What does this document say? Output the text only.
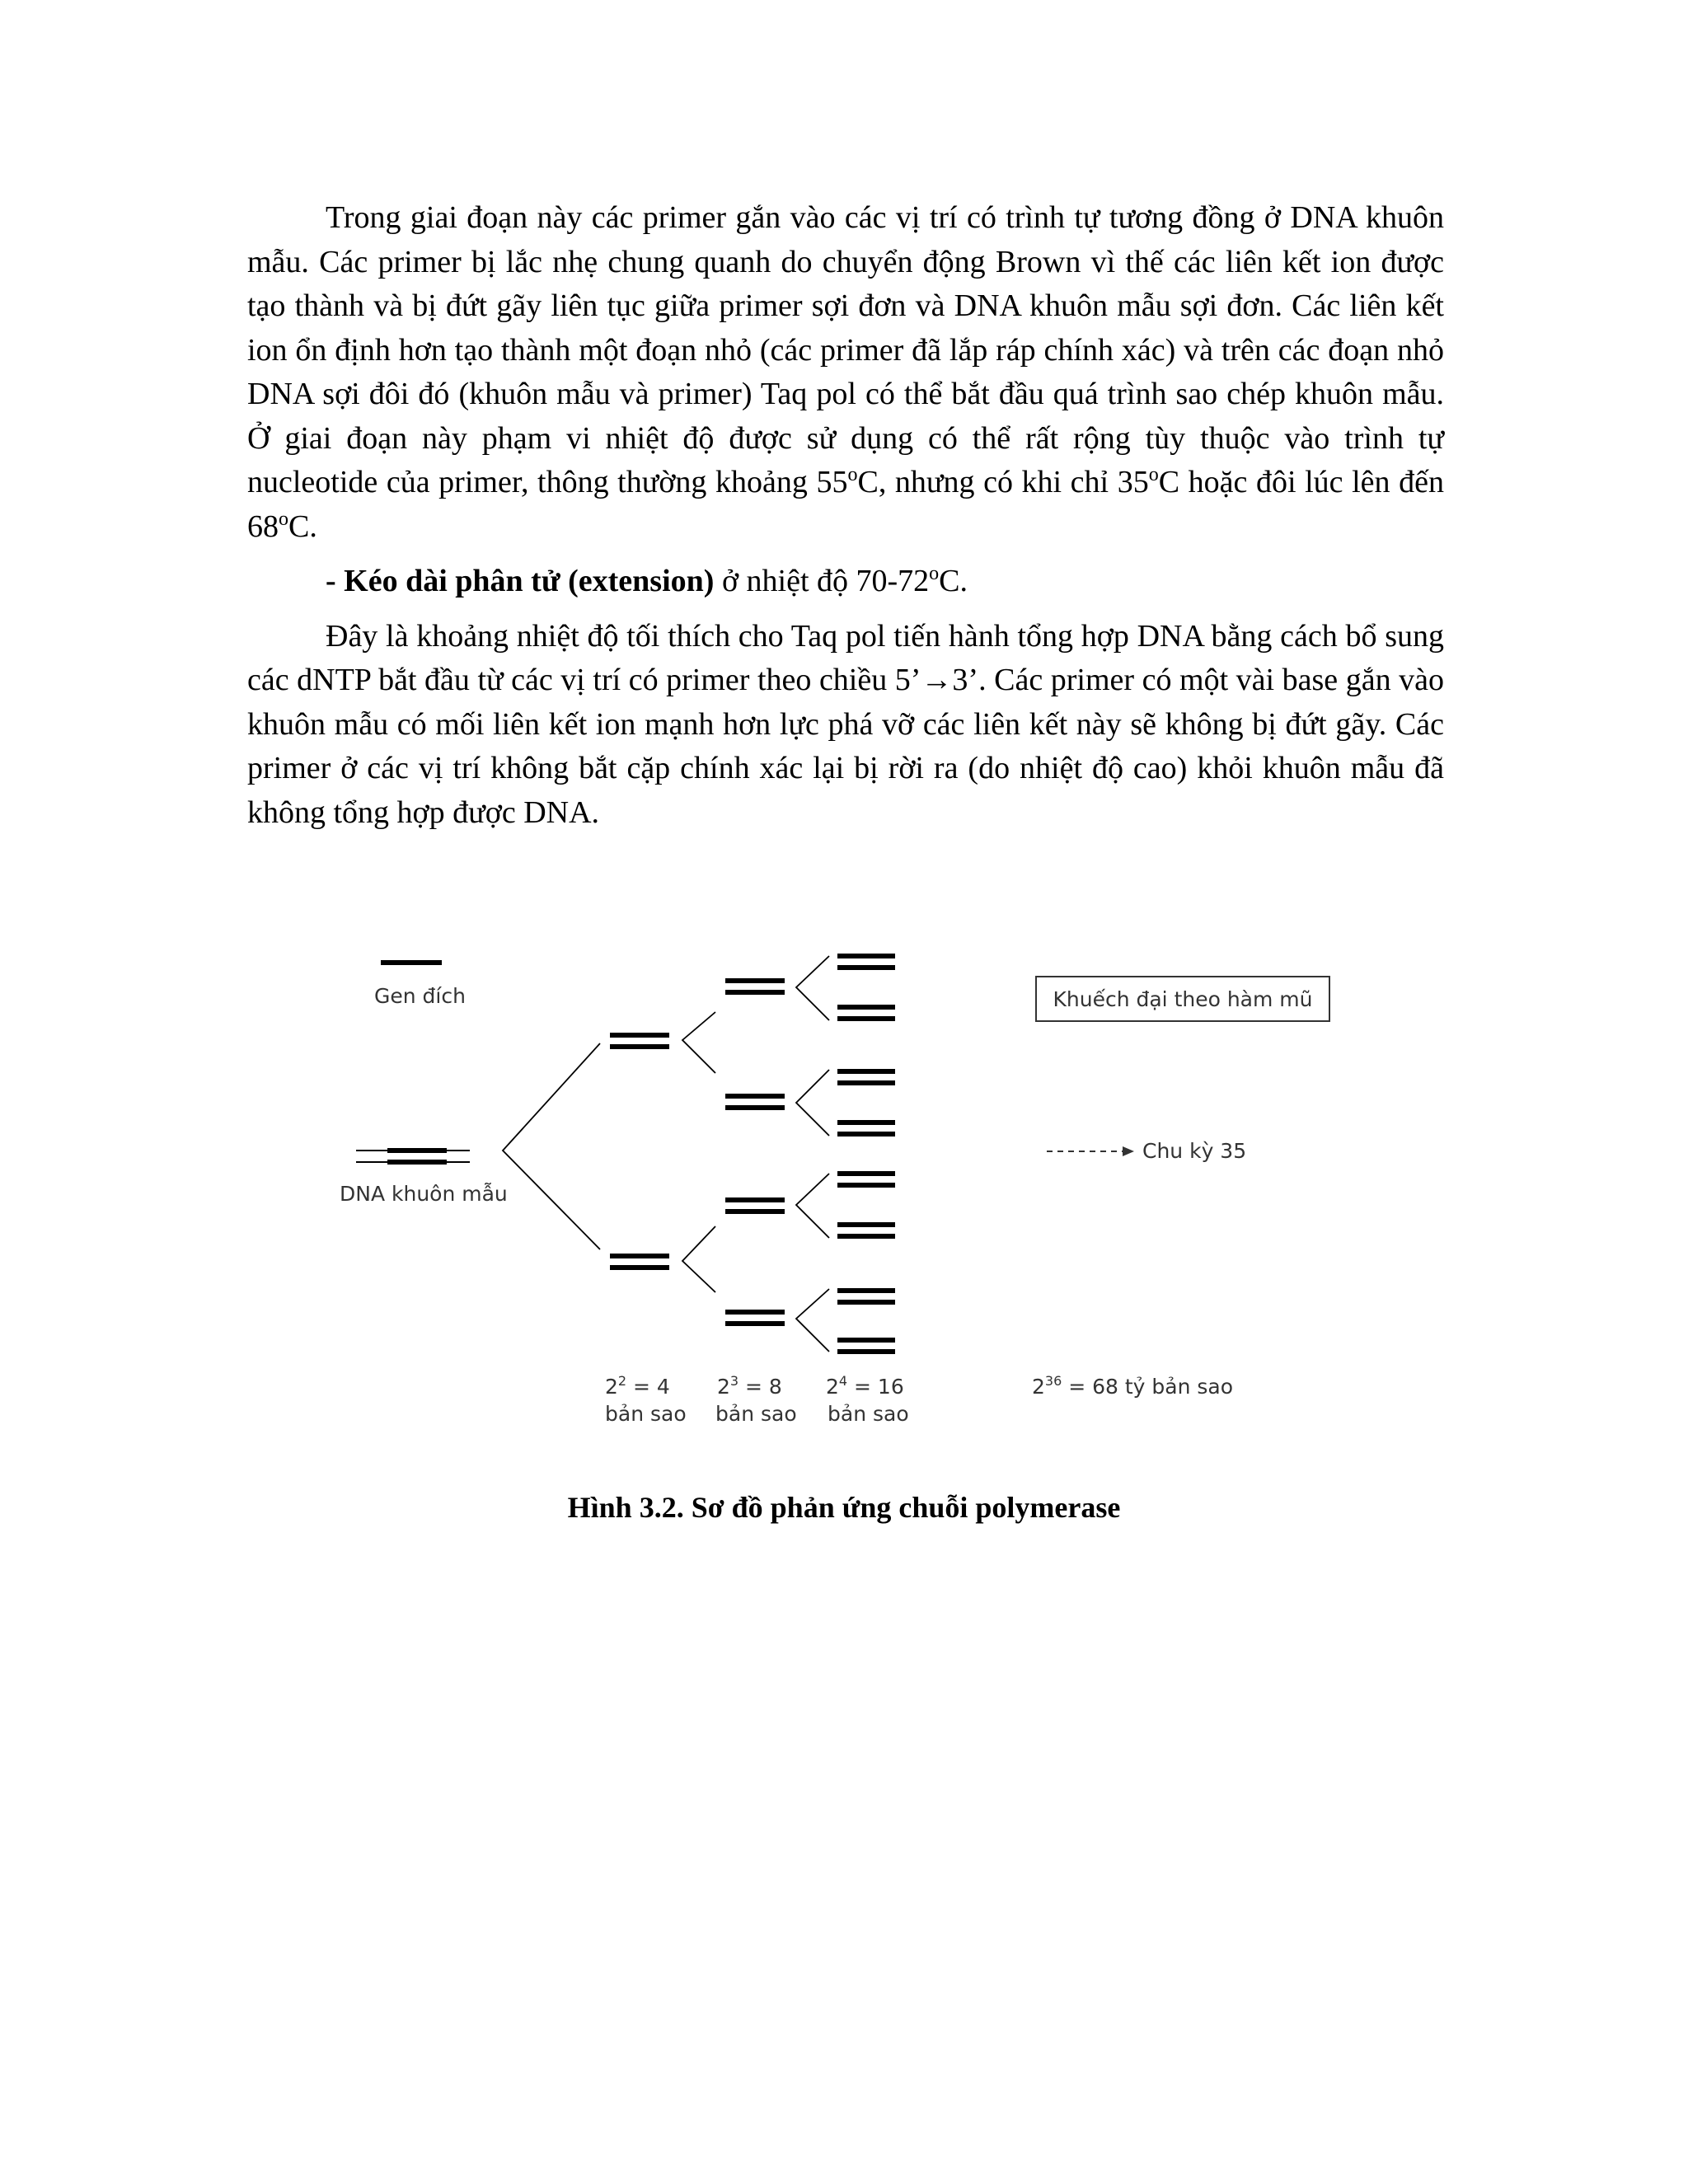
Trong giai đoạn này các primer gắn vào các vị trí có trình tự tương đồng ở DNA khuôn mẫu. Các primer bị lắc nhẹ chung quanh do chuyển động Brown vì thế các liên kết ion được tạo thành và bị đứt gãy liên tục giữa primer sợi đơn và DNA khuôn mẫu sợi đơn. Các liên kết ion ổn định hơn tạo thành một đoạn nhỏ (các primer đã lắp ráp chính xác) và trên các đoạn nhỏ DNA sợi đôi đó (khuôn mẫu và primer) Taq pol có thể bắt đầu quá trình sao chép khuôn mẫu. Ở giai đoạn này phạm vi nhiệt độ được sử dụng có thể rất rộng tùy thuộc vào trình tự nucleotide của primer, thông thường khoảng 55$^o$C, nhưng có khi chỉ 35$^o$C hoặc đôi lúc lên đến 68$^o$C.

- Kéo dài phân tử (extension) ở nhiệt độ 70-72$^o$C.

Đây là khoảng nhiệt độ tối thích cho Taq pol tiến hành tổng hợp DNA bằng cách bổ sung các dNTP bắt đầu từ các vị trí có primer theo chiều 5’→3’. Các primer có một vài base gắn vào khuôn mẫu có mối liên kết ion mạnh hơn lực phá vỡ các liên kết này sẽ không bị đứt gãy. Các primer ở các vị trí không bắt cặp chính xác lại bị rời ra (do nhiệt độ cao) khỏi khuôn mẫu đã không tổng hợp được DNA.

Gen đích
DNA khuôn mẫu
Khuếch đại theo hàm mũ
Chu kỳ 35
$2^2 = 4$
bản sao
$2^3 = 8$
bản sao
$2^4 = 16$
bản sao
$2^{36} = 68$ tỷ bản sao
Hình 3.2. Sơ đồ phản ứng chuỗi polymerase
